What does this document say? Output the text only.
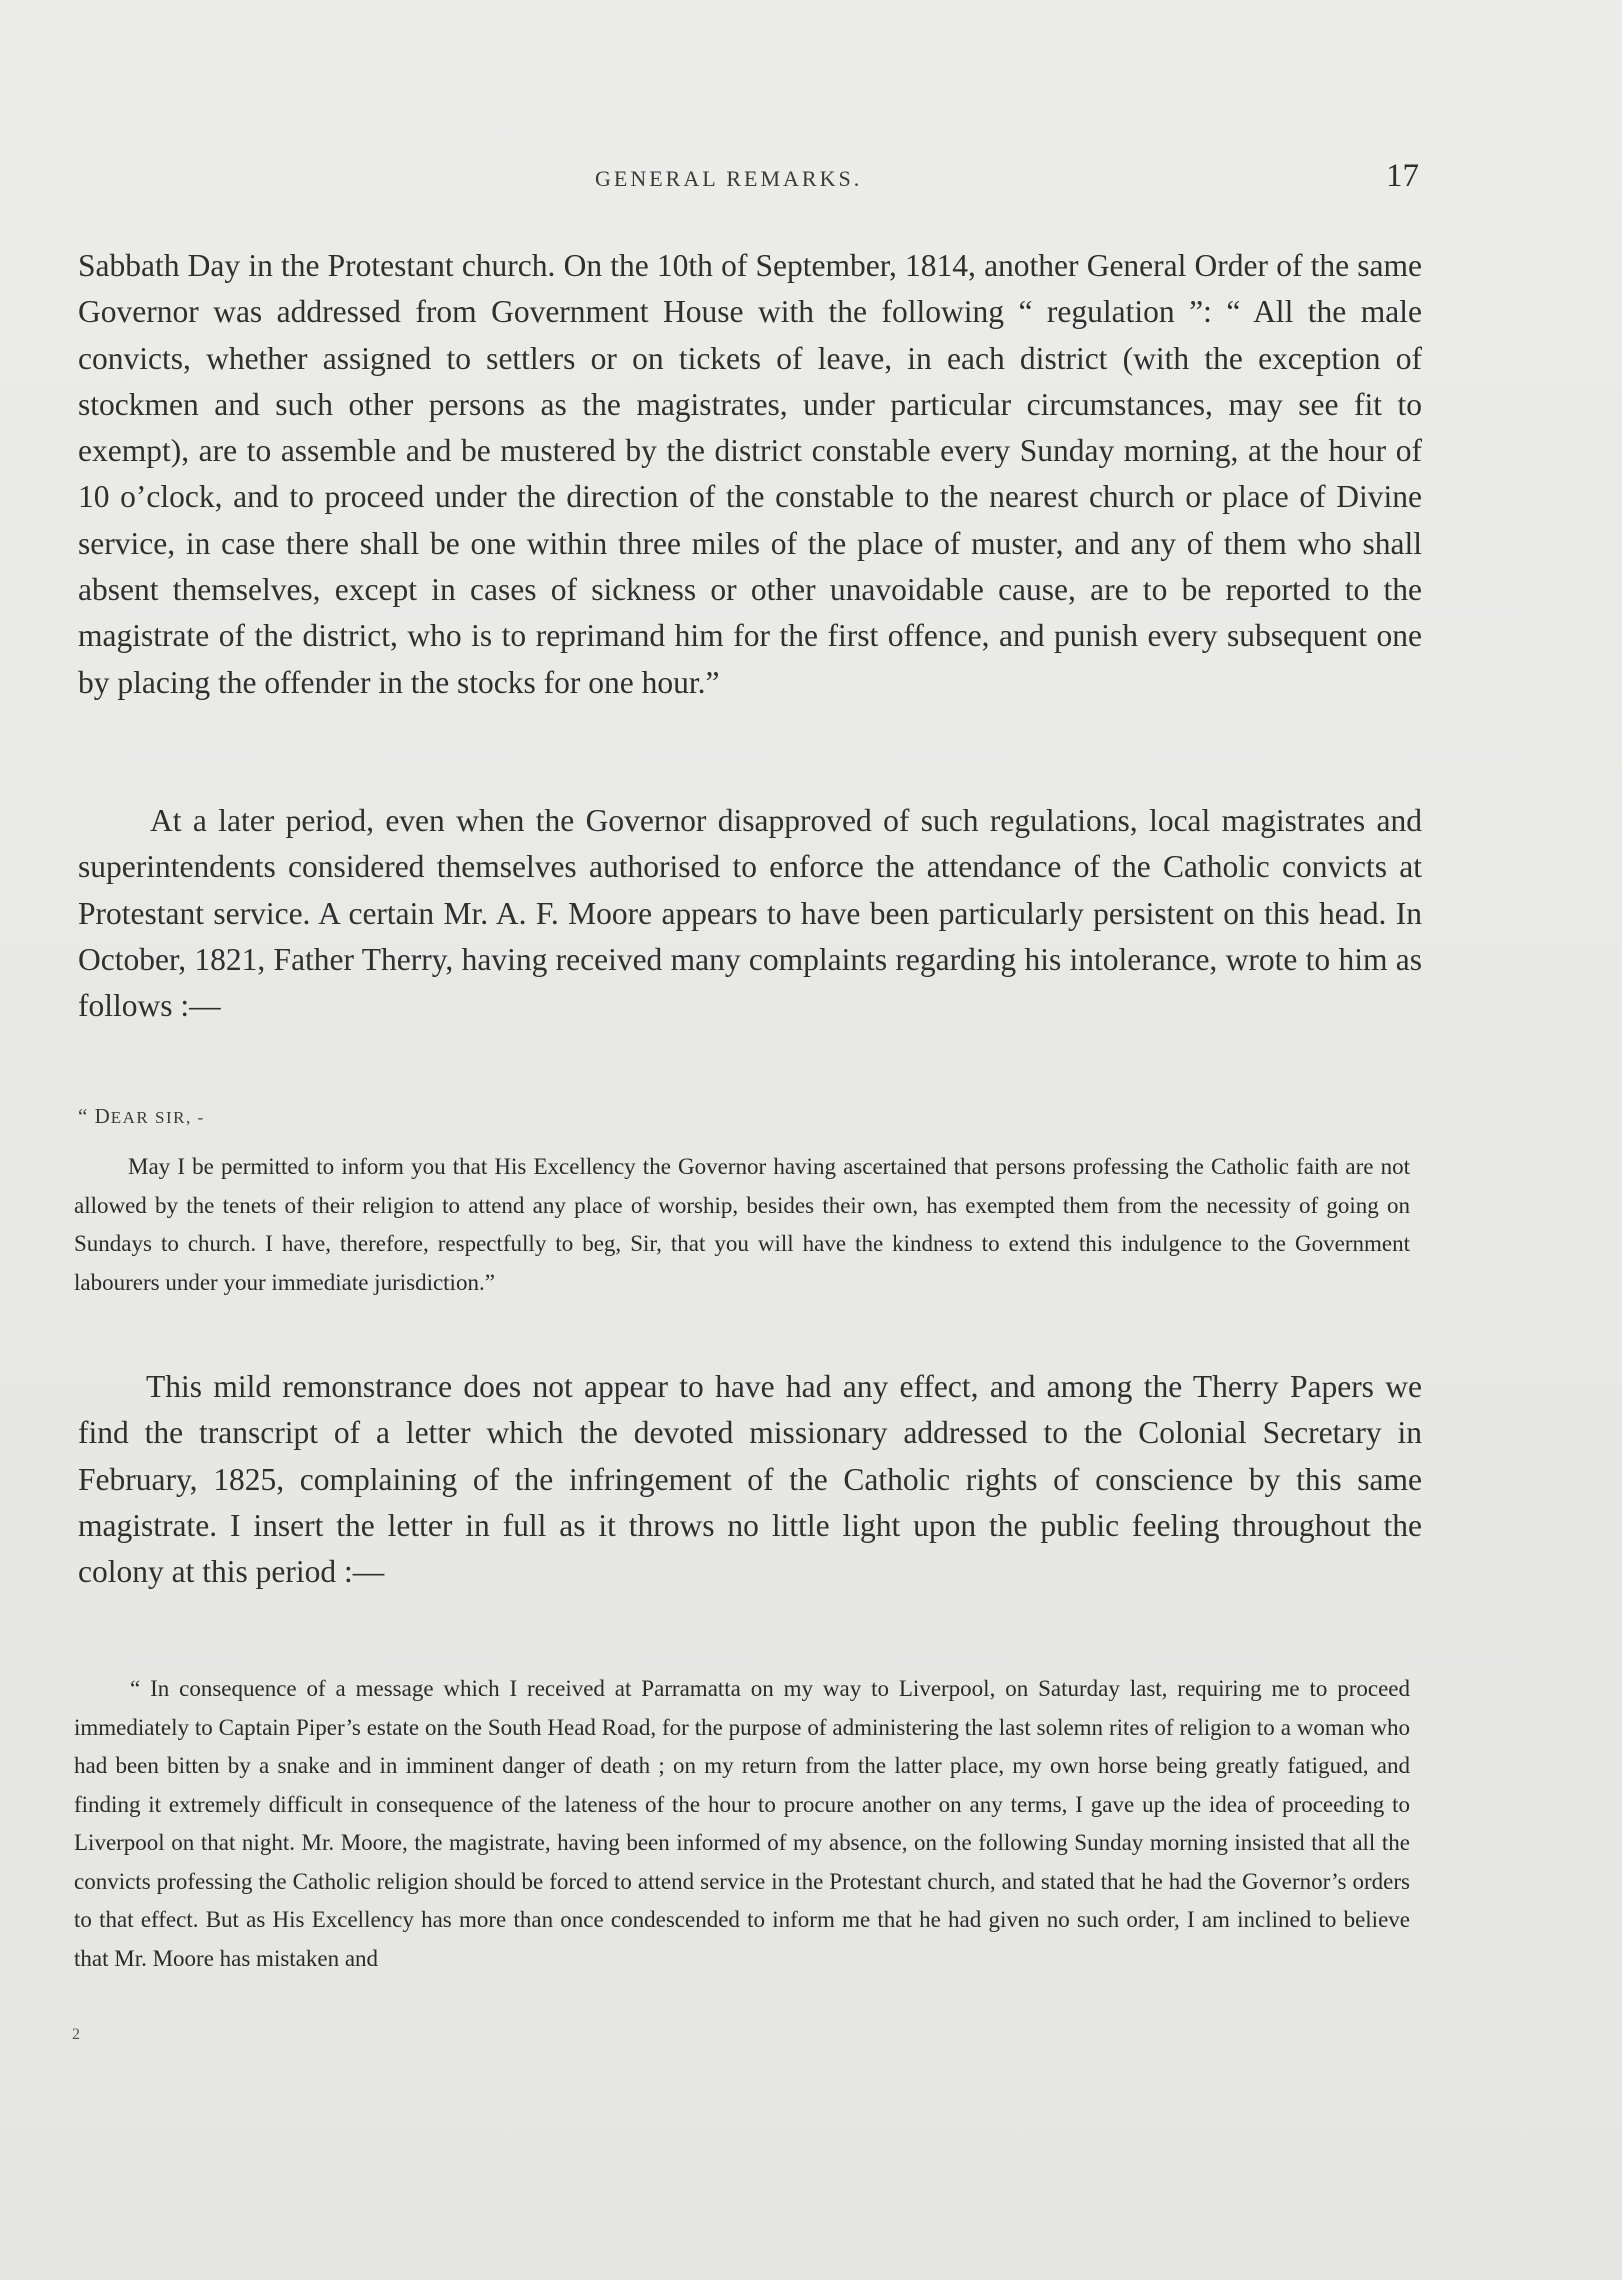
GENERAL REMARKS.	17

Sabbath Day in the Protestant church. On the 10th of September, 1814, another General Order of the same Governor was addressed from Government House with the following “ regulation ”: “ All the male convicts, whether assigned to settlers or on tickets of leave, in each district (with the exception of stockmen and such other persons as the magistrates, under particular circumstances, may see fit to exempt), are to assemble and be mustered by the district constable every Sunday morning, at the hour of 10 o’clock, and to proceed under the direction of the constable to the nearest church or place of Divine service, in case there shall be one within three miles of the place of muster, and any of them who shall absent themselves, except in cases of sickness or other unavoidable cause, are to be reported to the magistrate of the district, who is to reprimand him for the first offence, and punish every subsequent one by placing the offender in the stocks for one hour.”

At a later period, even when the Governor disapproved of such regulations, local magistrates and superintendents considered themselves authorised to enforce the attendance of the Catholic convicts at Protestant service. A certain Mr. A. F. Moore appears to have been particularly persistent on this head. In October, 1821, Father Therry, having received many complaints regarding his intolerance, wrote to him as follows :—

“ DEAR SIR, -

May I be permitted to inform you that His Excellency the Governor having ascertained that persons professing the Catholic faith are not allowed by the tenets of their religion to attend any place of worship, besides their own, has exempted them from the necessity of going on Sundays to church. I have, therefore, respectfully to beg, Sir, that you will have the kindness to extend this indulgence to the Government labourers under your immediate jurisdiction.”

This mild remonstrance does not appear to have had any effect, and among the Therry Papers we find the transcript of a letter which the devoted missionary addressed to the Colonial Secretary in February, 1825, complaining of the infringement of the Catholic rights of conscience by this same magistrate. I insert the letter in full as it throws no little light upon the public feeling throughout the colony at this period :—

“ In consequence of a message which I received at Parramatta on my way to Liverpool, on Saturday last, requiring me to proceed immediately to Captain Piper’s estate on the South Head Road, for the purpose of administering the last solemn rites of religion to a woman who had been bitten by a snake and in imminent danger of death ; on my return from the latter place, my own horse being greatly fatigued, and finding it extremely difficult in consequence of the lateness of the hour to procure another on any terms, I gave up the idea of proceeding to Liverpool on that night. Mr. Moore, the magistrate, having been informed of my absence, on the following Sunday morning insisted that all the convicts professing the Catholic religion should be forced to attend service in the Protestant church, and stated that he had the Governor’s orders to that effect. But as His Excellency has more than once condescended to inform me that he had given no such order, I am inclined to believe that Mr. Moore has mistaken and

2
